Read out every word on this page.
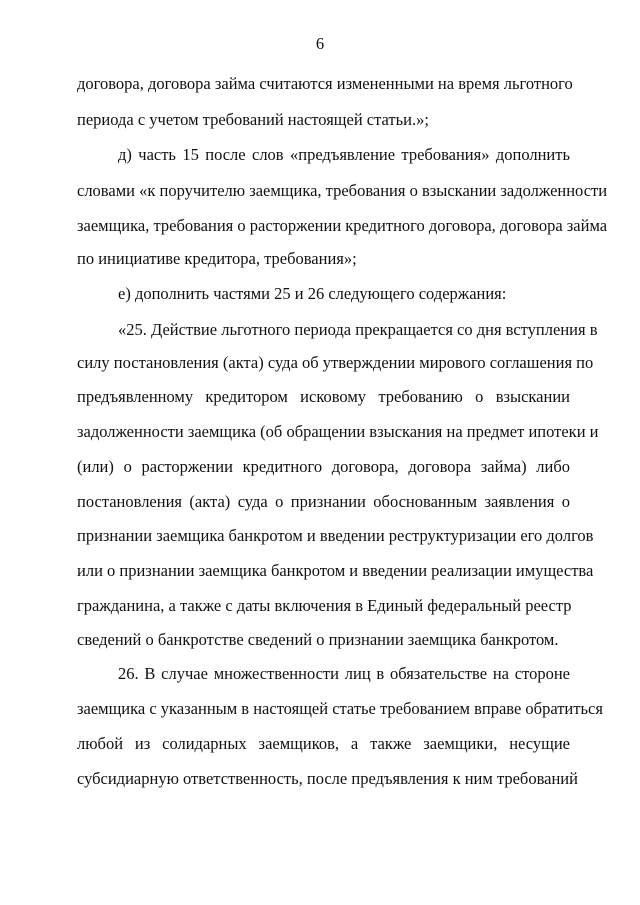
6
договора, договора займа считаются измененными на время льготного
периода с учетом требований настоящей статьи.»;
д) часть 15 после слов «предъявление требования» дополнить
словами «к поручителю заемщика, требования о взыскании задолженности
заемщика, требования о расторжении кредитного договора, договора займа
по инициативе кредитора, требования»;
е) дополнить частями 25 и 26 следующего содержания:
«25. Действие льготного периода прекращается со дня вступления в
силу постановления (акта) суда об утверждении мирового соглашения по
предъявленному кредитором исковому требованию о взыскании
задолженности заемщика (об обращении взыскания на предмет ипотеки и
(или) о расторжении кредитного договора, договора займа) либо
постановления (акта) суда о признании обоснованным заявления о
признании заемщика банкротом и введении реструктуризации его долгов
или о признании заемщика банкротом и введении реализации имущества
гражданина, а также с даты включения в Единый федеральный реестр
сведений о банкротстве сведений о признании заемщика банкротом.
26. В случае множественности лиц в обязательстве на стороне
заемщика с указанным в настоящей статье требованием вправе обратиться
любой из солидарных заемщиков, а также заемщики, несущие
субсидиарную ответственность, после предъявления к ним требований
